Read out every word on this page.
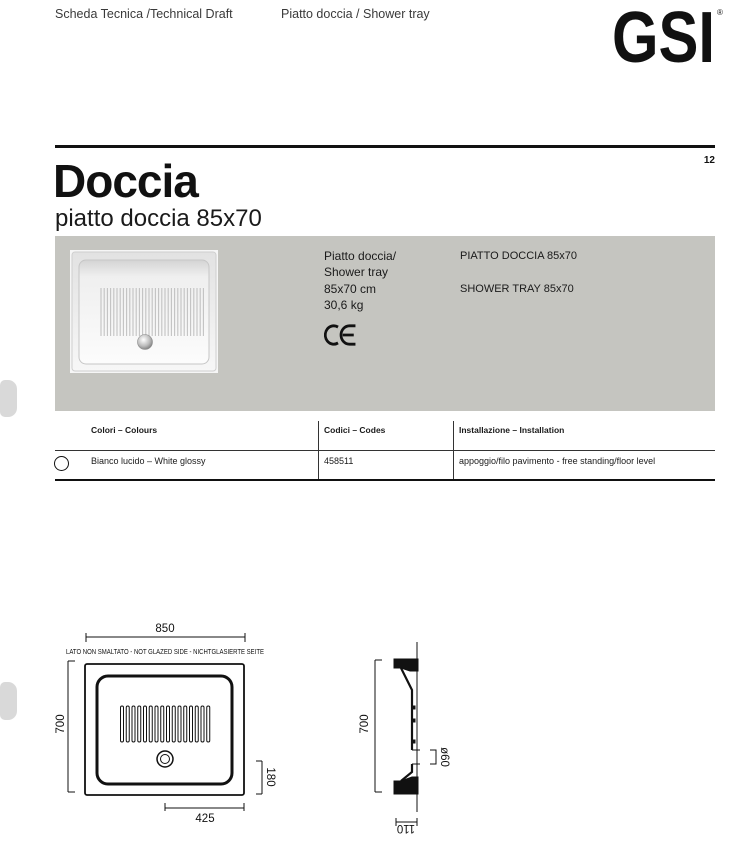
Scheda Tecnica /Technical Draft	Piatto doccia / Shower tray	GSI ®
12
Doccia
piatto doccia 85x70
Piatto doccia/
Shower tray
85x70 cm
30,6 kg
PIATTO DOCCIA 85x70
SHOWER TRAY 85x70
Colori – Colours	Codici – Codes	Installazione – Installation
Bianco lucido – White glossy	458511	appoggio/filo pavimento - free standing/floor level
850
LATO NON SMALTATO - NOT GLAZED SIDE - NICHTGLASIERTE SEITE
700
180
425
700
ø60
110
